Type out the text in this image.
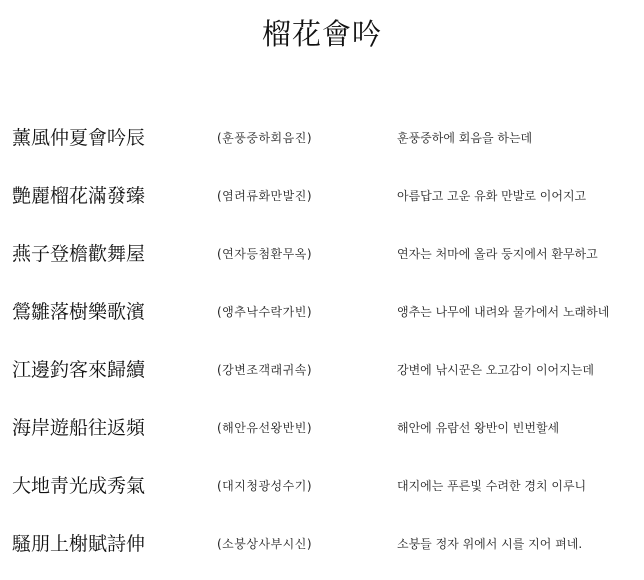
榴花會吟
薰風仲夏會吟辰	(훈풍중하회음진)	훈풍중하에 회음을 하는데
艶麗榴花滿發臻	(염려류화만발진)	아름답고 고운 유화 만발로 이어지고
燕子登檐歡舞屋	(연자등첨환무옥)	연자는 처마에 올라 둥지에서 환무하고
鶯雛落樹樂歌濱	(앵추낙수락가빈)	앵추는 나무에 내려와 물가에서 노래하네
江邊釣客來歸續	(강변조객래귀속)	강변에 낚시꾼은 오고감이 이어지는데
海岸遊船往返頻	(해안유선왕반빈)	해안에 유람선 왕반이 빈번할세
大地靑光成秀氣	(대지청광성수기)	대지에는 푸른빛 수려한 경치 이루니
騷朋上榭賦詩伸	(소붕상사부시신)	소붕들 정자 위에서 시를 지어 펴네.
